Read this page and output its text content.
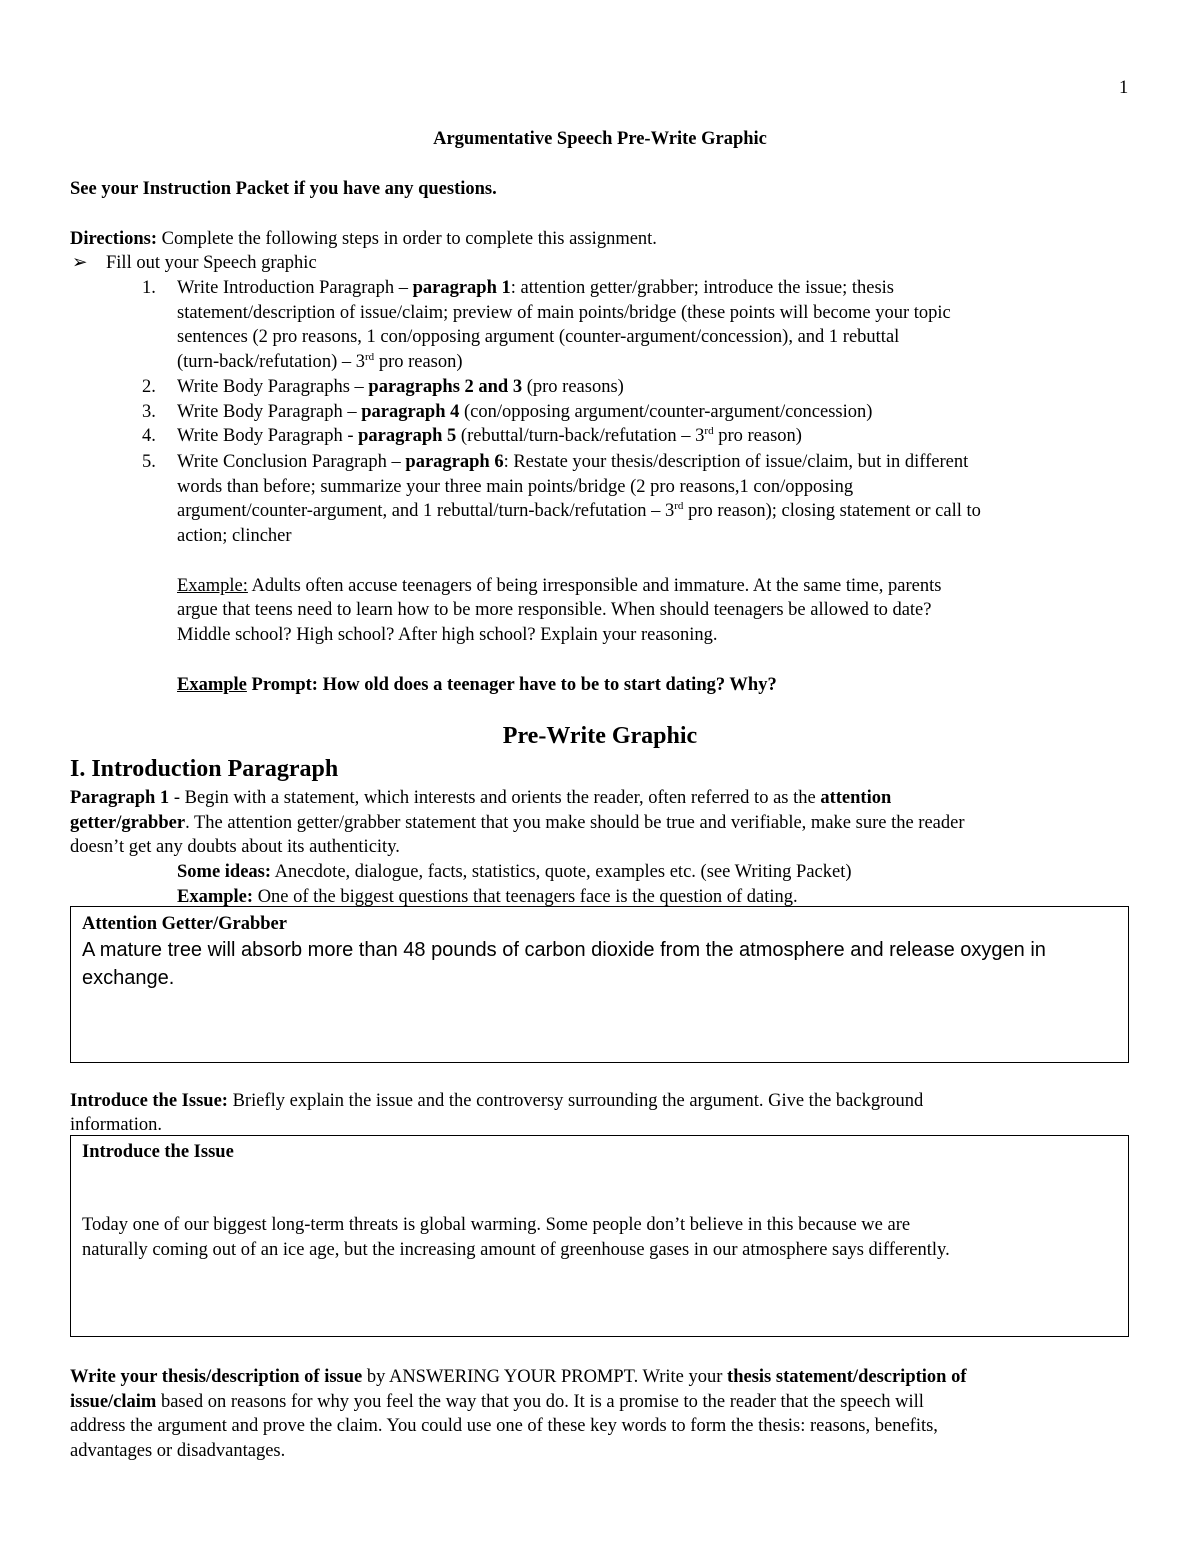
1
Argumentative Speech Pre-Write Graphic
See your Instruction Packet if you have any questions.
Directions: Complete the following steps in order to complete this assignment.
➢ Fill out your Speech graphic
1. Write Introduction Paragraph – paragraph 1: attention getter/grabber; introduce the issue; thesis
statement/description of issue/claim; preview of main points/bridge (these points will become your topic
sentences (2 pro reasons, 1 con/opposing argument (counter-argument/concession), and 1 rebuttal
(turn-back/refutation) – 3rd pro reason)
2. Write Body Paragraphs – paragraphs 2 and 3 (pro reasons)
3. Write Body Paragraph – paragraph 4 (con/opposing argument/counter-argument/concession)
4. Write Body Paragraph - paragraph 5 (rebuttal/turn-back/refutation – 3rd pro reason)
5. Write Conclusion Paragraph – paragraph 6: Restate your thesis/description of issue/claim, but in different
words than before; summarize your three main points/bridge (2 pro reasons,1 con/opposing
argument/counter-argument, and 1 rebuttal/turn-back/refutation – 3rd pro reason); closing statement or call to
action; clincher
Example: Adults often accuse teenagers of being irresponsible and immature. At the same time, parents
argue that teens need to learn how to be more responsible. When should teenagers be allowed to date?
Middle school? High school? After high school? Explain your reasoning.
Example Prompt: How old does a teenager have to be to start dating? Why?
Pre-Write Graphic
I. Introduction Paragraph
Paragraph 1 - Begin with a statement, which interests and orients the reader, often referred to as the attention
getter/grabber. The attention getter/grabber statement that you make should be true and verifiable, make sure the reader
doesn’t get any doubts about its authenticity.
Some ideas: Anecdote, dialogue, facts, statistics, quote, examples etc. (see Writing Packet)
Example: One of the biggest questions that teenagers face is the question of dating.
Attention Getter/Grabber
A mature tree will absorb more than 48 pounds of carbon dioxide from the atmosphere and release oxygen in
exchange.
Introduce the Issue: Briefly explain the issue and the controversy surrounding the argument. Give the background
information.
Introduce the Issue
Today one of our biggest long-term threats is global warming. Some people don’t believe in this because we are
naturally coming out of an ice age, but the increasing amount of greenhouse gases in our atmosphere says differently.
Write your thesis/description of issue by ANSWERING YOUR PROMPT. Write your thesis statement/description of
issue/claim based on reasons for why you feel the way that you do. It is a promise to the reader that the speech will
address the argument and prove the claim. You could use one of these key words to form the thesis: reasons, benefits,
advantages or disadvantages.
